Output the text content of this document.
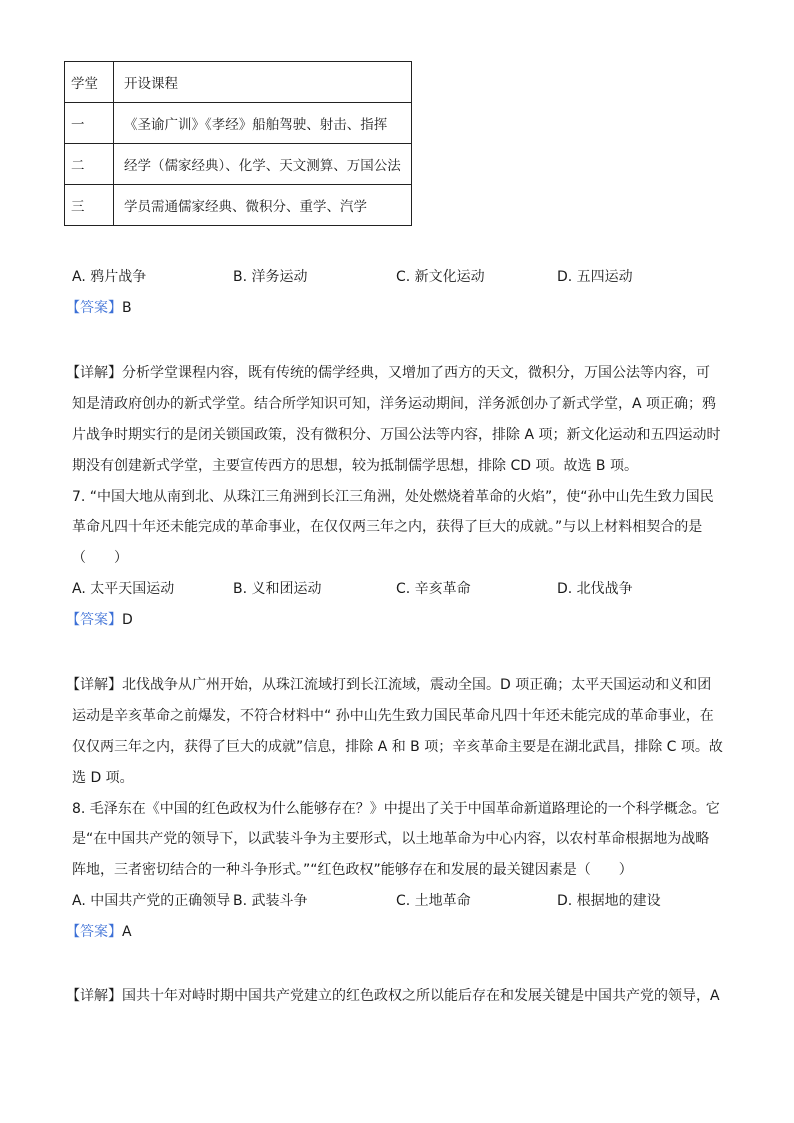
学堂	开设课程
一	《圣谕广训》《孝经》船舶驾驶、射击、指挥
二	经学（儒家经典）、化学、天文测算、万国公法
三	学员需通儒家经典、微积分、重学、汽学
A. 鸦片战争	B. 洋务运动	C. 新文化运动	D. 五四运动
【答案】B
【详解】分析学堂课程内容，既有传统的儒学经典，又增加了西方的天文，微积分，万国公法等内容，可
知是清政府创办的新式学堂。结合所学知识可知，洋务运动期间，洋务派创办了新式学堂，A 项正确；鸦
片战争时期实行的是闭关锁国政策，没有微积分、万国公法等内容，排除 A 项；新文化运动和五四运动时
期没有创建新式学堂，主要宣传西方的思想，较为抵制儒学思想，排除 CD 项。故选 B 项。
7. “中国大地从南到北、从珠江三角洲到长江三角洲，处处燃烧着革命的火焰”，使“孙中山先生致力国民
革命凡四十年还未能完成的革命事业，在仅仅两三年之内，获得了巨大的成就。”与以上材料相契合的是
（　　）
A. 太平天国运动	B. 义和团运动	C. 辛亥革命	D. 北伐战争
【答案】D
【详解】北伐战争从广州开始，从珠江流域打到长江流域，震动全国。D 项正确；太平天国运动和义和团
运动是辛亥革命之前爆发，不符合材料中“ 孙中山先生致力国民革命凡四十年还未能完成的革命事业，在
仅仅两三年之内，获得了巨大的成就”信息，排除 A 和 B 项；辛亥革命主要是在湖北武昌，排除 C 项。故
选 D 项。
8. 毛泽东在《中国的红色政权为什么能够存在？》中提出了关于中国革命新道路理论的一个科学概念。它
是“在中国共产党的领导下，以武装斗争为主要形式，以土地革命为中心内容，以农村革命根据地为战略
阵地，三者密切结合的一种斗争形式。”“红色政权”能够存在和发展的最关键因素是（　　）
A. 中国共产党的正确领导 B. 武装斗争	C. 土地革命	D. 根据地的建设
【答案】A
【详解】国共十年对峙时期中国共产党建立的红色政权之所以能后存在和发展关键是中国共产党的领导，A
